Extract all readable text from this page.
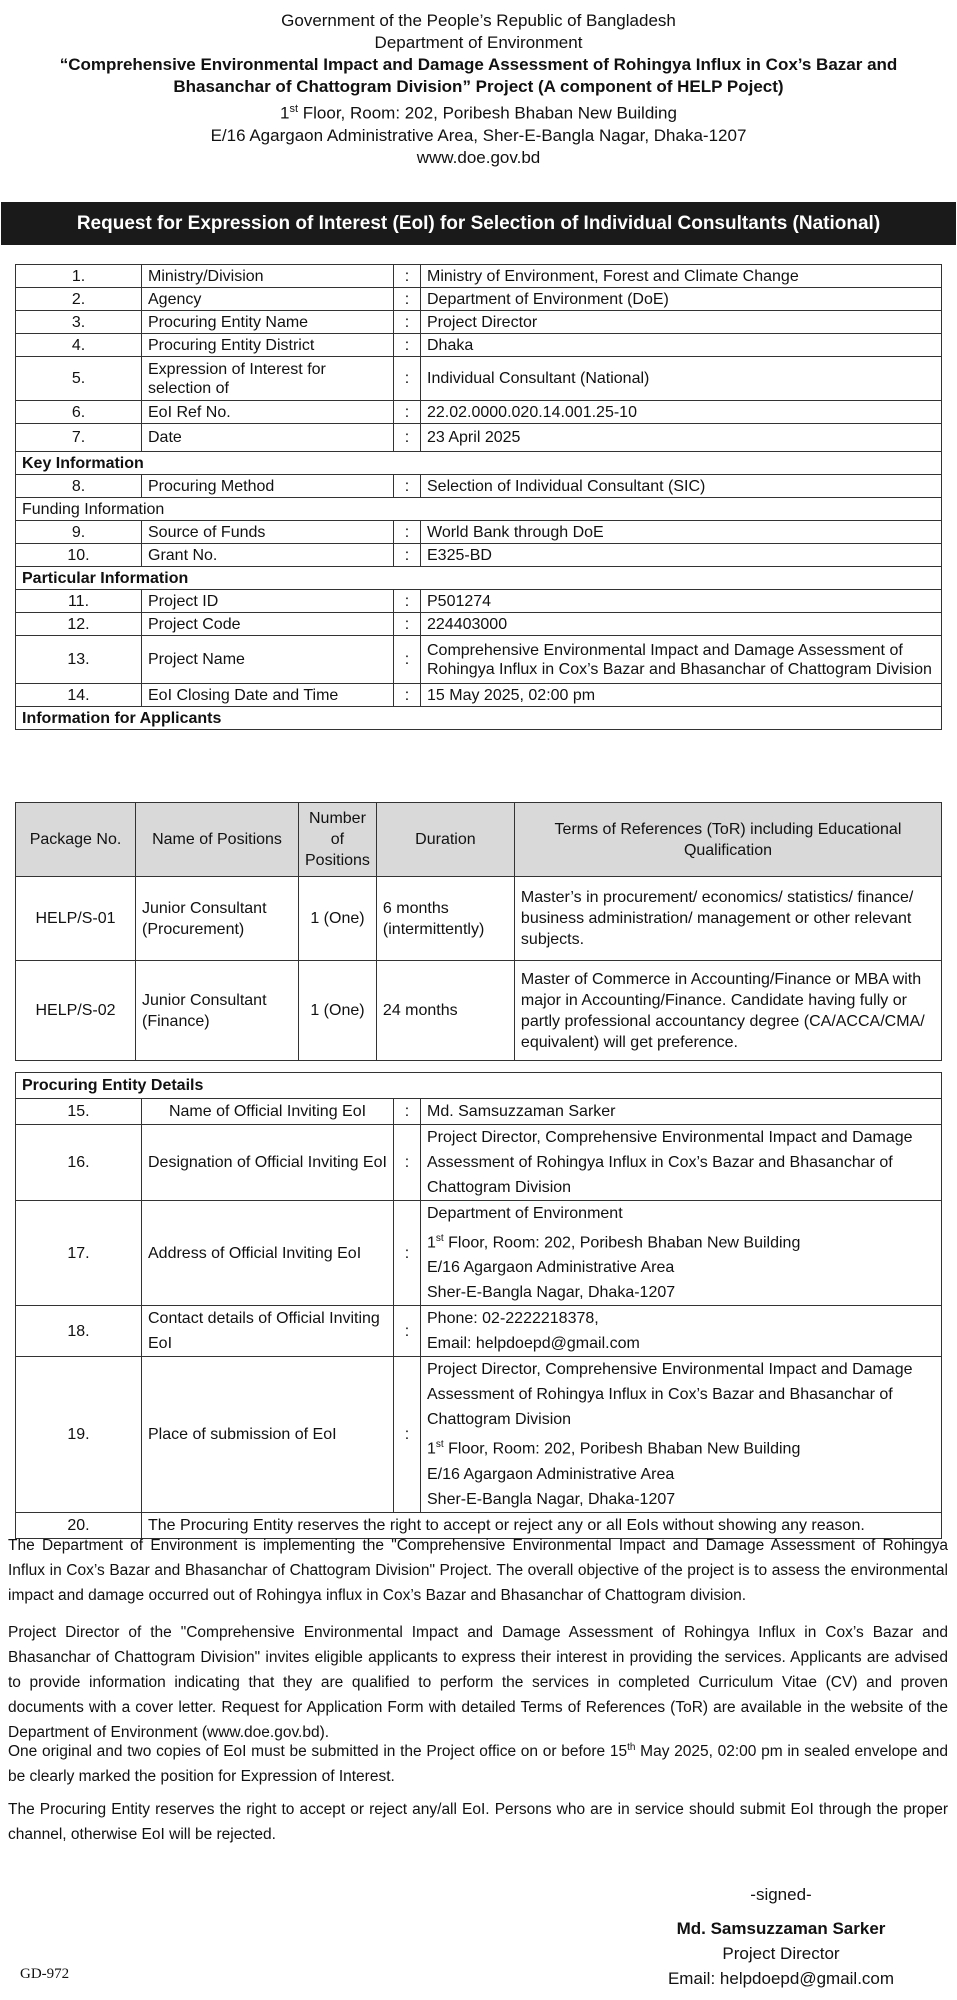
Government of the People’s Republic of Bangladesh
Department of Environment
“Comprehensive Environmental Impact and Damage Assessment of Rohingya Influx in Cox’s Bazar and
Bhasanchar of Chattogram Division” Project (A component of HELP Poject)
1st Floor, Room: 202, Poribesh Bhaban New Building
E/16 Agargaon Administrative Area, Sher-E-Bangla Nagar, Dhaka-1207
www.doe.gov.bd
Request for Expression of Interest (EoI) for Selection of Individual Consultants (National)
1.	Ministry/Division	:	Ministry of Environment, Forest and Climate Change
2.	Agency	:	Department of Environment (DoE)
3.	Procuring Entity Name	:	Project Director
4.	Procuring Entity District	:	Dhaka
5.	Expression of Interest for selection of	:	Individual Consultant (National)
6.	EoI Ref No.	:	22.02.0000.020.14.001.25-10
7.	Date	:	23 April 2025
Key Information			
8.	Procuring Method	:	Selection of Individual Consultant (SIC)
Funding Information			
9.	Source of Funds	:	World Bank through DoE
10.	Grant No.	:	E325-BD
Particular Information			
11.	Project ID	:	P501274
12.	Project Code	:	224403000
13.	Project Name	:	Comprehensive Environmental Impact and Damage Assessment of Rohingya Influx in Cox’s Bazar and Bhasanchar of Chattogram Division
14.	EoI Closing Date and Time	:	15 May 2025, 02:00 pm
Information for Applicants			
Package No.	Name of Positions	Number of Positions	Duration	Terms of References (ToR) including Educational Qualification
HELP/S-01	Junior Consultant (Procurement)	1 (One)	6 months (intermittently)	Master’s in procurement/ economics/ statistics/ finance/ business administration/ management or other relevant subjects.
HELP/S-02	Junior Consultant (Finance)	1 (One)	24 months	Master of Commerce in Accounting/Finance or MBA with major in Accounting/Finance. Candidate having fully or partly professional accountancy degree (CA/ACCA/CMA/ equivalent) will get preference.
Procuring Entity Details			
15.	Name of Official Inviting EoI	:	Md. Samsuzzaman Sarker
16.	Designation of Official Inviting EoI	:	Project Director, Comprehensive Environmental Impact and Damage Assessment of Rohingya Influx in Cox’s Bazar and Bhasanchar of Chattogram Division
17.	Address of Official Inviting EoI	:	Department of Environment
1st Floor, Room: 202, Poribesh Bhaban New Building
E/16 Agargaon Administrative Area
Sher-E-Bangla Nagar, Dhaka-1207

18.	Contact details of Official Inviting EoI	:	Phone: 02-2222218378,
Email: helpdoepd@gmail.com

19.	Place of submission of EoI	:	Project Director, Comprehensive Environmental Impact and Damage Assessment of Rohingya Influx in Cox’s Bazar and Bhasanchar of Chattogram Division
1st Floor, Room: 202, Poribesh Bhaban New Building
E/16 Agargaon Administrative Area
Sher-E-Bangla Nagar, Dhaka-1207

20.	The Procuring Entity reserves the right to accept or reject any or all EoIs without showing any reason.		
The Department of Environment is implementing the "Comprehensive Environmental Impact and Damage Assessment of Rohingya Influx in Cox’s Bazar and Bhasanchar of Chattogram Division" Project. The overall objective of the project is to assess the environmental impact and damage occurred out of Rohingya influx in Cox’s Bazar and Bhasanchar of Chattogram division.
Project Director of the "Comprehensive Environmental Impact and Damage Assessment of Rohingya Influx in Cox’s Bazar and Bhasanchar of Chattogram Division" invites eligible applicants to express their interest in providing the services. Applicants are advised to provide information indicating that they are qualified to perform the services in completed Curriculum Vitae (CV) and proven documents with a cover letter. Request for Application Form with detailed Terms of References (ToR) are available in the website of the Department of Environment (www.doe.gov.bd).
One original and two copies of EoI must be submitted in the Project office on or before 15th May 2025, 02:00 pm in sealed envelope and be clearly marked the position for Expression of Interest.
The Procuring Entity reserves the right to accept or reject any/all EoI. Persons who are in service should submit EoI through the proper channel, otherwise EoI will be rejected.
-signed-
Md. Samsuzzaman Sarker
Project Director
Email: helpdoepd@gmail.com
GD-972
